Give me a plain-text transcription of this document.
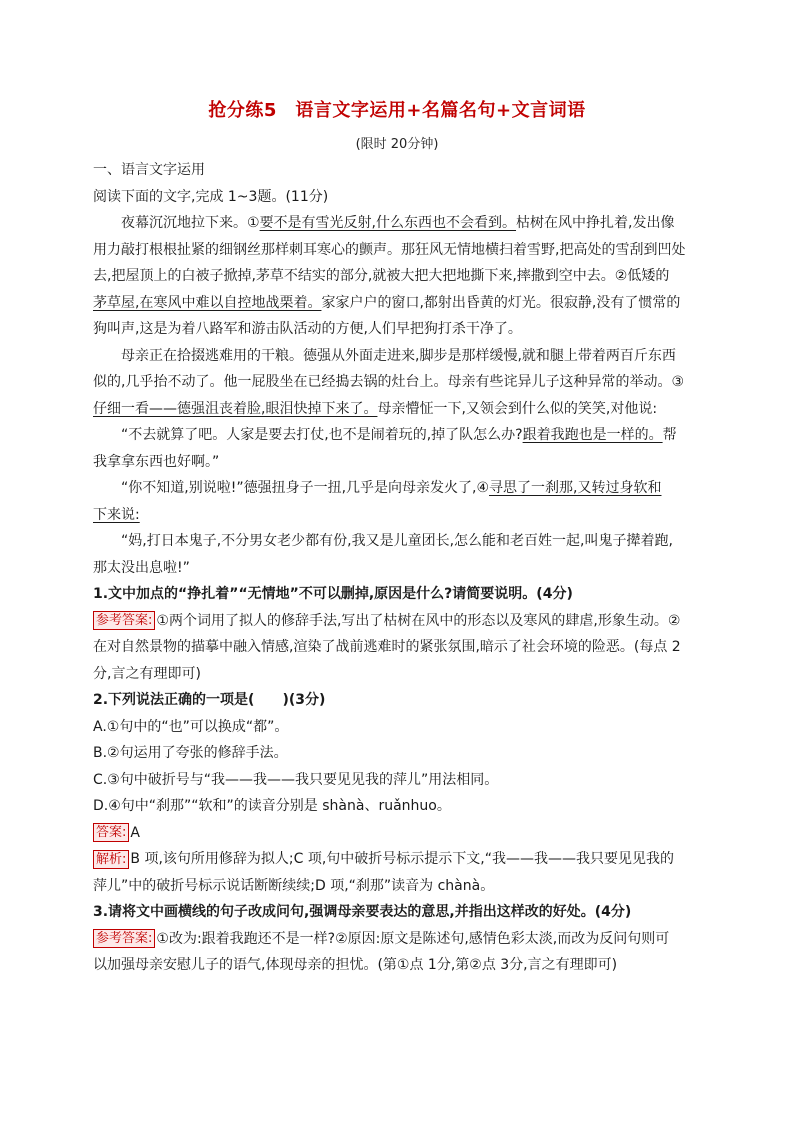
抢分练5　语言文字运用+名篇名句+文言词语
(限时 20分钟)
一、语言文字运用
阅读下面的文字,完成 1~3题。(11分)
夜幕沉沉地拉下来。①要不是有雪光反射,什么东西也不会看到。枯树在风中挣扎着,发出像
用力敲打根根扯紧的细钢丝那样刺耳寒心的颤声。那狂风无情地横扫着雪野,把高处的雪刮到凹处
去,把屋顶上的白被子掀掉,茅草不结实的部分,就被大把大把地撕下来,摔撒到空中去。②低矮的
茅草屋,在寒风中难以自控地战栗着。家家户户的窗口,都射出昏黄的灯光。很寂静,没有了惯常的
狗叫声,这是为着八路军和游击队活动的方便,人们早把狗打杀干净了。
母亲正在拾掇逃难用的干粮。德强从外面走进来,脚步是那样缓慢,就和腿上带着两百斤东西
似的,几乎抬不动了。他一屁股坐在已经搗去锅的灶台上。母亲有些诧异儿子这种异常的举动。③
仔细一看——德强沮丧着脸,眼泪快掉下来了。母亲懵怔一下,又领会到什么似的笑笑,对他说:
“不去就算了吧。人家是要去打仗,也不是闹着玩的,掉了队怎么办?跟着我跑也是一样的。帮
我拿拿东西也好啊。”
“你不知道,别说啦!”德强扭身子一扭,几乎是向母亲发火了,④寻思了一刹那,又转过身软和
下来说:
“妈,打日本鬼子,不分男女老少都有份,我又是儿童团长,怎么能和老百姓一起,叫鬼子撵着跑,
那太没出息啦!”
1.文中加点的“挣扎着”“无情地”不可以删掉,原因是什么?请简要说明。(4分)
参考答案: ①两个词用了拟人的修辞手法,写出了枯树在风中的形态以及寒风的肆虐,形象生动。②
在对自然景物的描摹中融入情感,渲染了战前逃难时的紧张氛围,暗示了社会环境的险恶。(每点 2
分,言之有理即可)
2.下列说法正确的一项是(　　)(3分)
A.①句中的“也”可以换成“都”。
B.②句运用了夸张的修辞手法。
C.③句中破折号与“我——我——我只要见见我的萍儿”用法相同。
D.④句中“刹那”“软和”的读音分别是 shànà、ruǎnhuo。
答案: A
解析: B 项,该句所用修辞为拟人;C 项,句中破折号标示提示下文,“我——我——我只要见见我的
萍儿”中的破折号标示说话断断续续;D 项,“刹那”读音为 chànà。
3.请将文中画横线的句子改成问句,强调母亲要表达的意思,并指出这样改的好处。(4分)
参考答案: ①改为:跟着我跑还不是一样?②原因:原文是陈述句,感情色彩太淡,而改为反问句则可
以加强母亲安慰儿子的语气,体现母亲的担忧。(第①点 1分,第②点 3分,言之有理即可)
